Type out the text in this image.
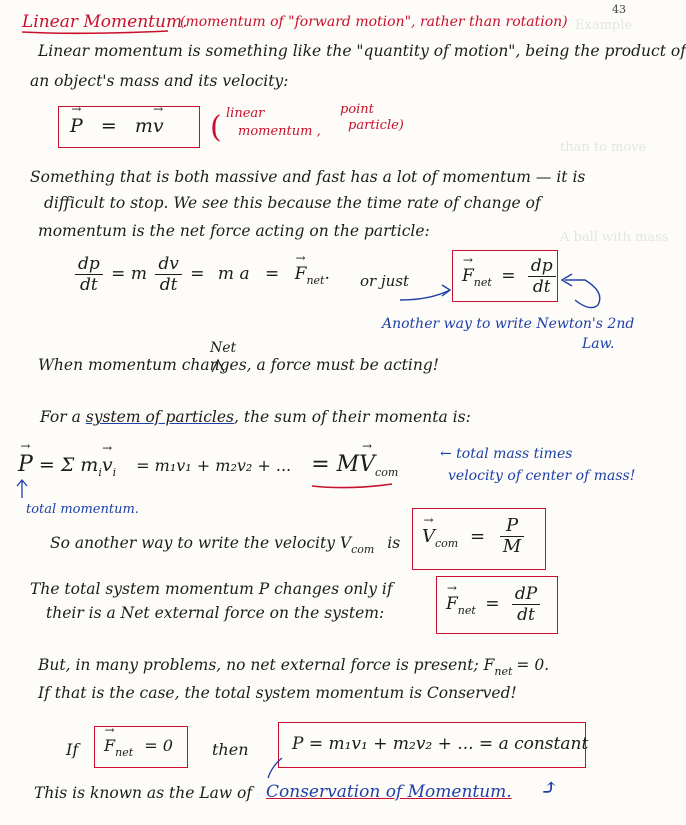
Example
than to move
A ball with mass
43
Linear Momentum.
(momentum of "forward motion", rather than rotation)
Linear momentum is something like the "quantity of motion", being the product of
an object's mass and its velocity:
→ P = m→ v ( linear
momentum ,
point
particle)
Something that is both massive and fast has a lot of momentum — it is
difficult to stop. We see this because the time rate of change of
momentum is the net force acting on the particle:
$\frac{dp}{dt} = m \frac{dv}{dt} = m$ a = → $F_{net}$. or just
→	$F_{net} = \frac{dp}{dt}$
Another way to write Newton's 2nd
Law.
Net
When momentum changes, a force must be acting!
For a system of particles, the sum of their momenta is:
→ P = Σ $m_i\to v_i = m_1v_1 + m_2v_2$ + ... = $M\to V_{com}$
← total mass times
velocity of center of mass!
total momentum.
So another way to write the velocity $V_{com}$ is
→ $V_{com} = \frac{P}{M}$
The total system momentum P changes only if
their is a Net external force on the system:
→	$F_{net} = \frac{dP}{dt}$
But, in many problems, no net external force is present; $F_{net} = 0$.
If that is the case, the total system momentum is Conserved!
If
→ $F_{net} = 0$ then	P = m₁v₁ + m₂v₂ + ... = a constant
This is known as the Law of Conservation of Momentum. ⤴
